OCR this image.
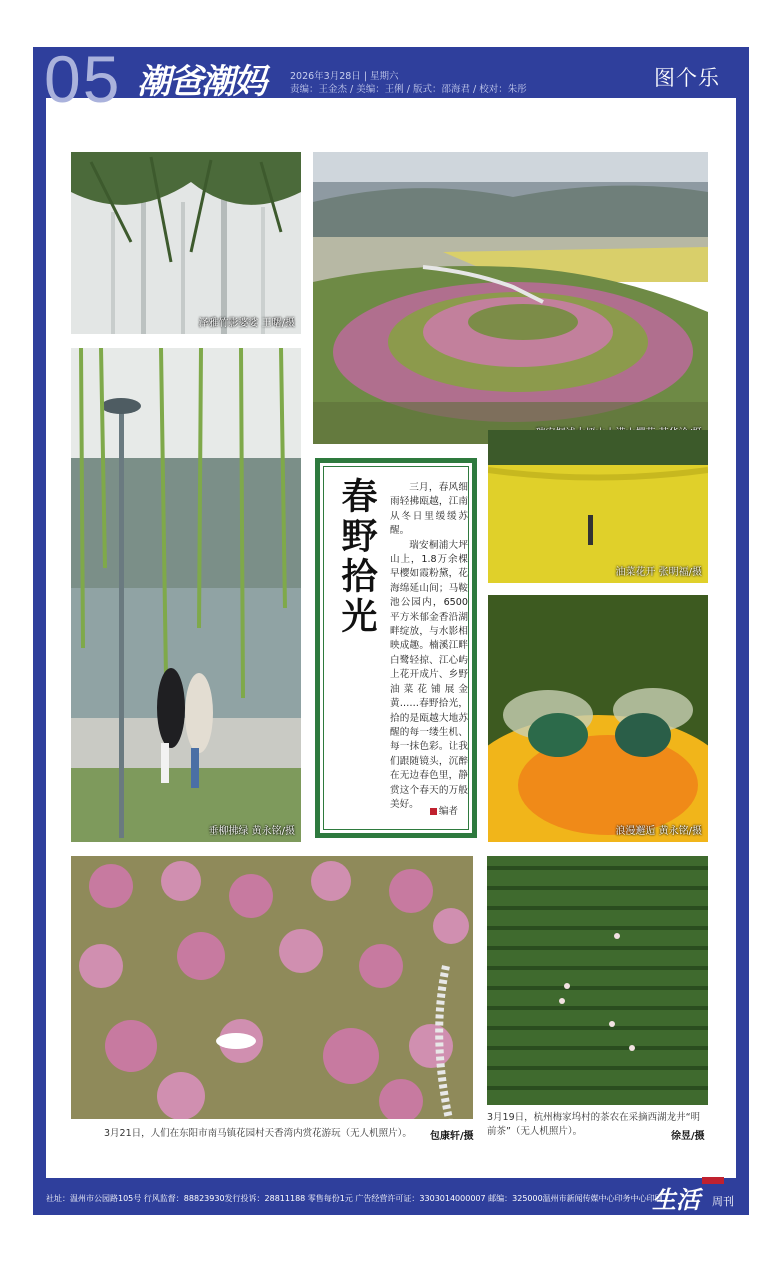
05 潮爸潮妈	2026年3月28日 | 星期六
责编：王金杰 / 美编：王俐 / 版式：邵海君 / 校对：朱彤	图个乐
泽雅竹影婆娑 王曙/摄
垂柳拂绿 黄永铭/摄
春野拾光	三月，春风细雨轻拂瓯越，江南从冬日里缓缓苏醒。

瑞安桐浦大坪山上，1.8万余棵早樱如霞粉黛，花海绵延山间；马鞍池公园内，6500平方米郁金香沿湖畔绽放，与水影相映成趣。楠溪江畔白鹭轻掠、江心屿上花开成片、乡野油菜花铺展金黄……春野拾光，拾的是瓯越大地苏醒的每一缕生机、每一抹色彩。让我们跟随镜头，沉醉在无边春色里，静赏这个春天的万般美好。

编者
油菜花开 张明福/摄
浪漫邂逅 黄永铭/摄
3月21日，人们在东阳市南马镇花园村天香湾内赏花游玩（无人机照片）。 包康轩/摄
3月19日，杭州梅家坞村的茶农在采摘西湖龙井“明前茶”（无人机照片）。	徐昱/摄
社址：温州市公园路105号 行风监督：88823930发行投诉：28811188 零售每份1元 广告经营许可证：3303014000007 邮编：325000温州市新闻传媒中心印务中心印刷
生活 周刊
